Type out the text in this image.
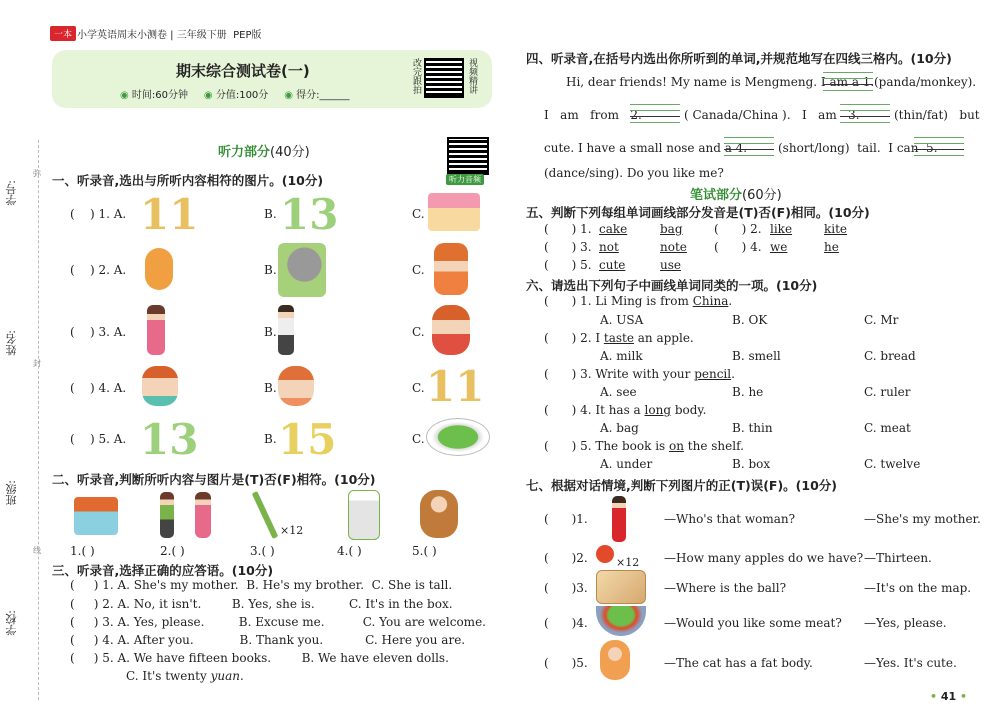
一本 小学英语周末小测卷 | 三年级下册 PEP版
期末综合测试卷(一)
◉ 时间:60分钟 ◉ 分值:100分 ◉ 得分:______
改完跟拍	视频精讲
学号:
姓名:
班级:
学校:
弥
封
线
听力部分(40分)
听力音频
一、听录音,选出与所听内容相符的图片。(10分)
(    ) 1. A. 11	B. 13	C.
(    ) 2. A.	B.	C.
(    ) 3. A.	B.	C.
(    ) 4. A.	B.	C. 11
(    ) 5. A. 13	B. 15	C.
二、听录音,判断所听内容与图片是(T)否(F)相符。(10分)
×12
1.( )	2.( )	3.( )	4.( )	5.( )
三、听录音,选择正确的应答语。(10分)
(     ) 1. A. She's my mother.  B. He's my brother.  C. She is tall.
(     ) 2. A. No, it isn't.        B. Yes, she is.         C. It's in the box.
(     ) 3. A. Yes, please.         B. Excuse me.          C. You are welcome.
(     ) 4. A. After you.            B. Thank you.           C. Here you are.
(     ) 5. A. We have fifteen books.        B. We have eleven dolls.
C. It's twenty yuan.
四、听录音,在括号内选出你所听到的单词,并规范地写在四线三格内。(10分)
Hi, dear friends! My name is Mengmeng. I am a 1. (panda/monkey).
I   am   from   2.	( Canada/China ).   I   am   3.	(thin/fat)   but
cute. I have a small nose and a 4.	(short/long)  tail.  I can  5.
(dance/sing). Do you like me?
笔试部分(60分)
五、判断下列每组单词画线部分发音是(T)否(F)相同。(10分)
(      ) 1. cake	bag	(      ) 2. like	kite
(      ) 3. not	note (      ) 4. we	he
(      ) 5. cute	use
六、请选出下列句子中画线单词同类的一项。(10分)
(      ) 1. Li Ming is from China.
A. USA	B. OK	C. Mr
(      ) 2. I taste an apple.
A. milk	B. smell	C. bread
(      ) 3. Write with your pencil.
A. see	B. he	C. ruler
(      ) 4. It has a long body.
A. bag	B. thin	C. meat
(      ) 5. The book is on the shelf.
A. under	B. box	C. twelve
七、根据对话情境,判断下列图片的正(T)误(F)。(10分)
(      )1.	—Who's that woman?	—She's my mother.
(      )2.	×12 —How many apples do we have? —Thirteen.
(      )3.	—Where is the ball?	—It's on the map.
(      )4.	—Would you like some meat? —Yes, please.
(      )5.	—The cat has a fat body.	—Yes. It's cute.
• 41 •
